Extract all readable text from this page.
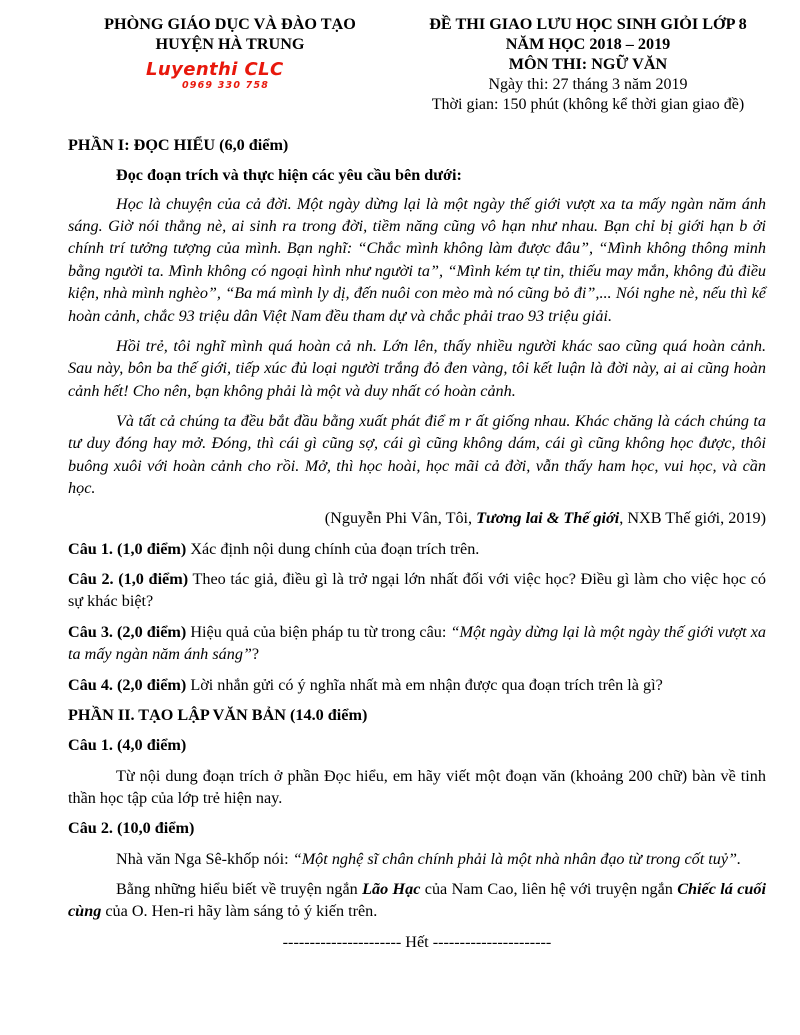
PHÒNG GIÁO DỤC VÀ ĐÀO TẠO
HUYỆN HÀ TRUNG
Luyenthi CLC
0969 330 758
ĐỀ THI GIAO LƯU HỌC SINH GIỎI LỚP 8
NĂM HỌC 2018 – 2019
MÔN THI: NGỮ VĂN
Ngày thi: 27 tháng 3 năm 2019
Thời gian: 150 phút (không kể thời gian giao đề)

PHẦN I: ĐỌC HIỂU (6,0 điểm)

Đọc đoạn trích và thực hiện các yêu cầu bên dưới:

Học là chuyện của cả đời. Một ngày dừng lại là một ngày thế giới vượt xa ta mấy ngàn năm ánh sáng. Giờ nói thẳng nè, ai sinh ra trong đời, tiềm năng cũng vô hạn như nhau. Bạn chỉ bị giới hạn b ởi chính trí tưởng tượng của mình. Bạn nghĩ: “Chắc mình không làm được đâu”, “Mình không thông minh bằng người ta. Mình không có ngoại hình như người ta”, “Mình kém tự tin, thiếu may mắn, không đủ điều kiện, nhà mình nghèo”, “Ba má mình ly dị, đến nuôi con mèo mà nó cũng bỏ đi”,... Nói nghe nè, nếu thì kể hoàn cảnh, chắc 93 triệu dân Việt Nam đều tham dự và chắc phải trao 93 triệu giải.

Hồi trẻ, tôi nghĩ mình quá hoàn cả nh. Lớn lên, thấy nhiều người khác sao cũng quá hoàn cảnh. Sau này, bôn ba thế giới, tiếp xúc đủ loại người trắng đỏ đen vàng, tôi kết luận là đời này, ai ai cũng hoàn cảnh hết! Cho nên, bạn không phải là một và duy nhất có hoàn cảnh.

Và tất cả chúng ta đều bắt đầu bằng xuất phát điể m r ất giống nhau. Khác chăng là cách chúng ta tư duy đóng hay mở. Đóng, thì cái gì cũng sợ, cái gì cũng không dám, cái gì cũng không học được, thôi buông xuôi với hoàn cảnh cho rồi. Mở, thì học hoài, học mãi cả đời, vẫn thấy ham học, vui học, và cần học.

(Nguyễn Phi Vân, Tôi, Tương lai & Thế giới, NXB Thế giới, 2019)

Câu 1. (1,0 điểm) Xác định nội dung chính của đoạn trích trên.

Câu 2. (1,0 điểm) Theo tác giả, điều gì là trở ngại lớn nhất đối với việc học? Điều gì làm cho việc học có sự khác biệt?

Câu 3. (2,0 điểm) Hiệu quả của biện pháp tu từ trong câu: “Một ngày dừng lại là một ngày thế giới vượt xa ta mấy ngàn năm ánh sáng”?

Câu 4. (2,0 điểm) Lời nhắn gửi có ý nghĩa nhất mà em nhận được qua đoạn trích trên là gì?

PHẦN II. TẠO LẬP VĂN BẢN (14.0 điểm)

Câu 1. (4,0 điểm)

Từ nội dung đoạn trích ở phần Đọc hiểu, em hãy viết một đoạn văn (khoảng 200 chữ) bàn về tinh thần học tập của lớp trẻ hiện nay.

Câu 2. (10,0 điểm)

Nhà văn Nga Sê-khốp nói: “Một nghệ sĩ chân chính phải là một nhà nhân đạo từ trong cốt tuỷ”.

Bằng những hiểu biết về truyện ngắn Lão Hạc của Nam Cao, liên hệ với truyện ngắn Chiếc lá cuối cùng của O. Hen-ri hãy làm sáng tỏ ý kiến trên.

---------------------- Hết ----------------------
